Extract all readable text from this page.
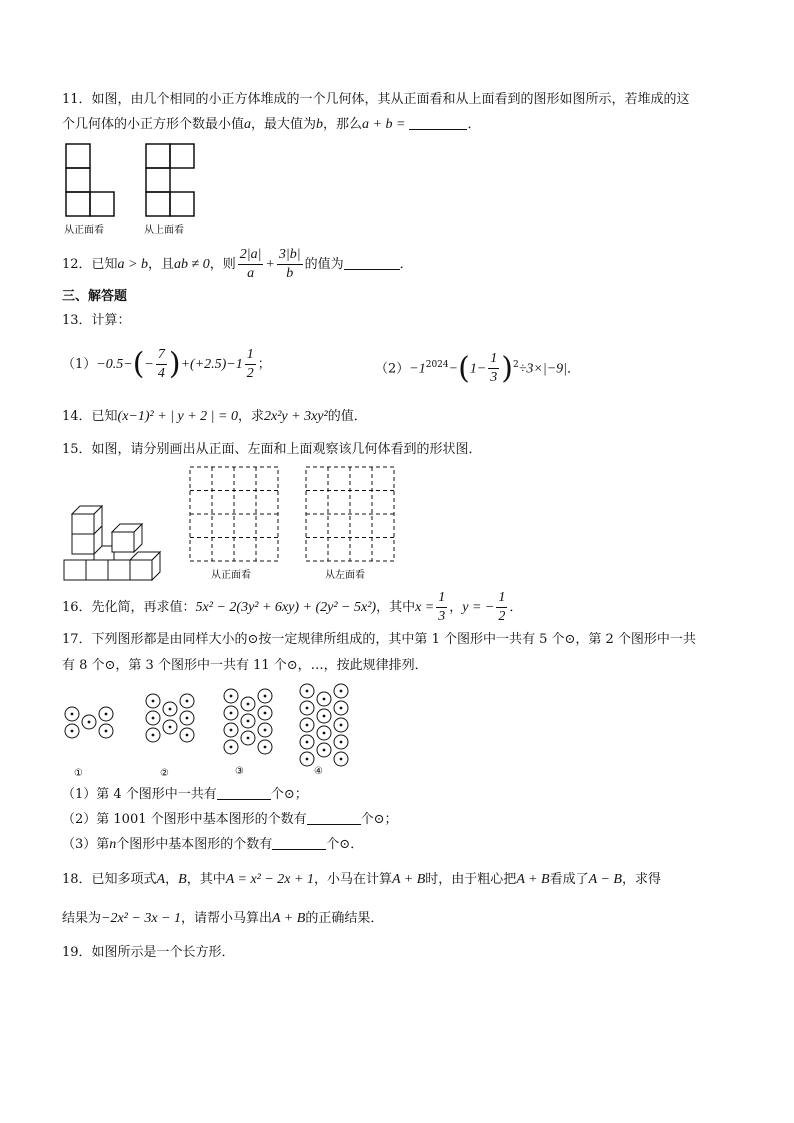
11．如图，由几个相同的小正方体堆成的一个几何体，其从正面看和从上面看到的图形如图所示，若堆成的这
个几何体的小正方形个数最小值a，最大值为b，那么a + b =	．
从正面看	从上面看
12．已知a > b，且ab ≠ 0，则 $\frac{2|a|}{a} + \frac{3|b|}{b}$ 的值为	．
三、解答题
13．计算：
$(1)-0.5-(- \frac{7}{4} )+(+2.5)-1 \frac{1}{2}$ ；	$(2)-1^{2024}-(1- \frac{1}{3} )^2\div 3\times|-9|$．
14．已知(x−1)² + | y + 2 | = 0，求2x²y + 3xy²的值．
15．如图，请分别画出从正面、左面和上面观察该几何体看到的形状图．
从正面看	从左面看
16．先化简，再求值：5x² − 2(3y² + 6xy) + (2y² − 5x²)，其中$x = \frac{1}{3}$ ，y = − $\frac{1}{2}$ ．
17．下列图形都是由同样大小的⊙按一定规律所组成的，其中第 1 个图形中一共有 5 个⊙，第 2 个图形中一共
有 8 个⊙，第 3 个图形中一共有 11 个⊙，…，按此规律排列．
①	②	③	④
（1）第 4 个图形中一共有	个⊙；
（2）第 1001 个图形中基本图形的个数有	个⊙；
（3）第n个图形中基本图形的个数有	个⊙．
18．已知多项式A，B，其中A = x² − 2x + 1，小马在计算A + B时，由于粗心把A + B看成了A − B，求得
结果为−2x² − 3x − 1，请帮小马算出A + B的正确结果．
19．如图所示是一个长方形．
